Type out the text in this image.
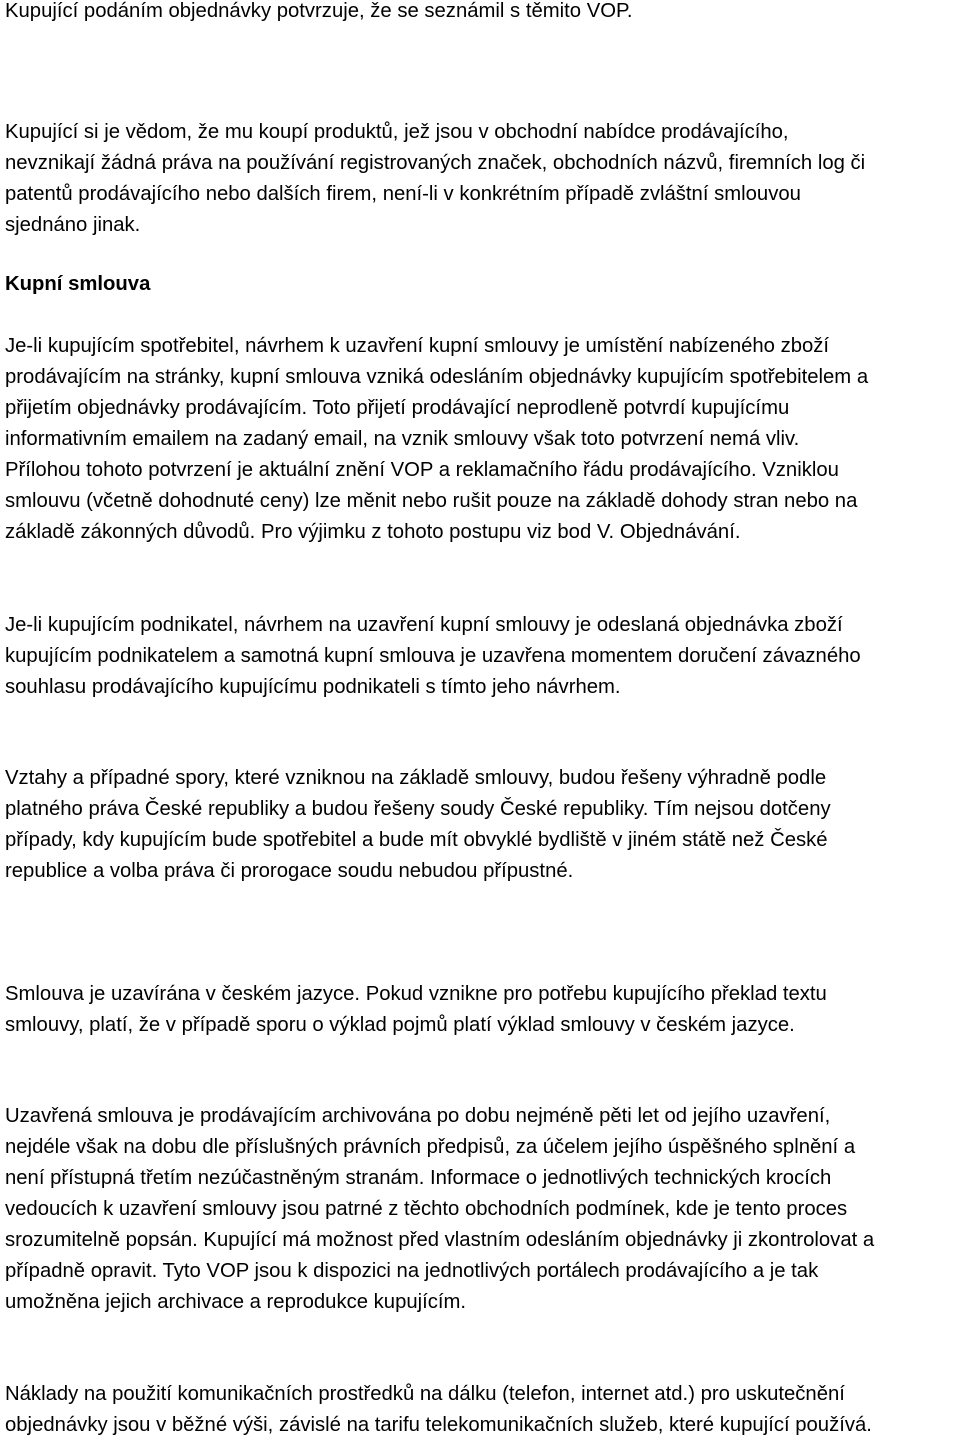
Kupující podáním objednávky potvrzuje, že se seznámil s těmito VOP.
Kupující si je vědom, že mu koupí produktů, jež jsou v obchodní nabídce prodávajícího,
nevznikají žádná práva na používání registrovaných značek, obchodních názvů, firemních log či
patentů prodávajícího nebo dalších firem, není-li v konkrétním případě zvláštní smlouvou
sjednáno jinak.
Kupní smlouva
Je-li kupujícím spotřebitel, návrhem k uzavření kupní smlouvy je umístění nabízeného zboží
prodávajícím na stránky, kupní smlouva vzniká odesláním objednávky kupujícím spotřebitelem a
přijetím objednávky prodávajícím. Toto přijetí prodávající neprodleně potvrdí kupujícímu
informativním emailem na zadaný email, na vznik smlouvy však toto potvrzení nemá vliv.
Přílohou tohoto potvrzení je aktuální znění VOP a reklamačního řádu prodávajícího. Vzniklou
smlouvu (včetně dohodnuté ceny) lze měnit nebo rušit pouze na základě dohody stran nebo na
základě zákonných důvodů. Pro výjimku z tohoto postupu viz bod V. Objednávání.
Je-li kupujícím podnikatel, návrhem na uzavření kupní smlouvy je odeslaná objednávka zboží
kupujícím podnikatelem a samotná kupní smlouva je uzavřena momentem doručení závazného
souhlasu prodávajícího kupujícímu podnikateli s tímto jeho návrhem.
Vztahy a případné spory, které vzniknou na základě smlouvy, budou řešeny výhradně podle
platného práva České republiky a budou řešeny soudy České republiky. Tím nejsou dotčeny
případy, kdy kupujícím bude spotřebitel a bude mít obvyklé bydliště v jiném státě než České
republice a volba práva či prorogace soudu nebudou přípustné.
Smlouva je uzavírána v českém jazyce. Pokud vznikne pro potřebu kupujícího překlad textu
smlouvy, platí, že v případě sporu o výklad pojmů platí výklad smlouvy v českém jazyce.
Uzavřená smlouva je prodávajícím archivována po dobu nejméně pěti let od jejího uzavření,
nejdéle však na dobu dle příslušných právních předpisů, za účelem jejího úspěšného splnění a
není přístupná třetím nezúčastněným stranám. Informace o jednotlivých technických krocích
vedoucích k uzavření smlouvy jsou patrné z těchto obchodních podmínek, kde je tento proces
srozumitelně popsán. Kupující má možnost před vlastním odesláním objednávky ji zkontrolovat a
případně opravit. Tyto VOP jsou k dispozici na jednotlivých portálech prodávajícího a je tak
umožněna jejich archivace a reprodukce kupujícím.
Náklady na použití komunikačních prostředků na dálku (telefon, internet atd.) pro uskutečnění
objednávky jsou v běžné výši, závislé na tarifu telekomunikačních služeb, které kupující používá.
